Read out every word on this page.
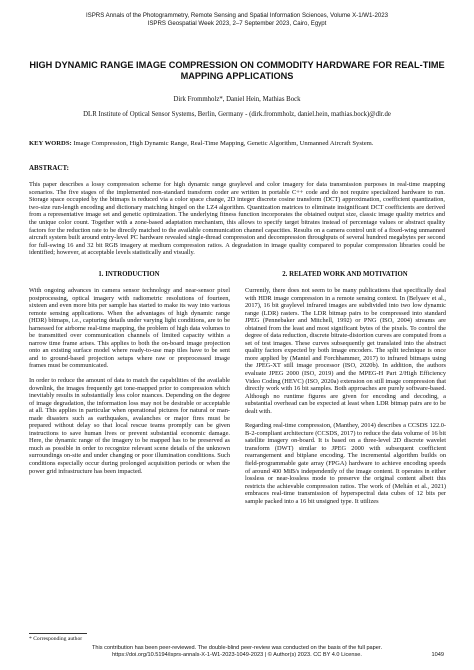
ISPRS Annals of the Photogrammetry, Remote Sensing and Spatial Information Sciences, Volume X-1/W1-2023
ISPRS Geospatial Week 2023, 2–7 September 2023, Cairo, Egypt
HIGH DYNAMIC RANGE IMAGE COMPRESSION ON COMMODITY HARDWARE FOR REAL-TIME MAPPING APPLICATIONS
Dirk Frommholz*, Daniel Hein, Mathias Bock
DLR Institute of Optical Sensor Systems, Berlin, Germany - (dirk.frommholz, daniel.hein, mathias.bock)@dlr.de
KEY WORDS: Image Compression, High Dynamic Range, Real-Time Mapping, Genetic Algorithm, Unmanned Aircraft System.
ABSTRACT:
This paper describes a lossy compression scheme for high dynamic range graylevel and color imagery for data transmission purposes in real-time mapping scenarios. The five stages of the implemented non-standard transform coder are written in portable C++ code and do not require specialized hardware to run. Storage space occupied by the bitmaps is reduced via a color space change, 2D integer discrete cosine transform (DCT) approximation, coefficient quantization, two-size run-length encoding and dictionary matching hinged on the LZ4 algorithm. Quantization matrices to eliminate insignificant DCT coefficients are derived from a representative image set and genetic optimization. The underlying fitness function incorporates the obtained output size, classic image quality metrics and the unique color count. Together with a zone-based adaptation mechanism, this allows to specify target bitrates instead of percentage values or abstract quality factors for the reduction rate to be directly matched to the available communication channel capacities. Results on a camera control unit of a fixed-wing unmanned aircraft system built around entry-level PC hardware revealed single-thread compression and decompression throughputs of several hundred megabytes per second for full-swing 16 and 32 bit RGB imagery at medium compression ratios. A degradation in image quality compared to popular compression libraries could be identified; however, at acceptable levels statistically and visually.
1. INTRODUCTION	2. RELATED WORK AND MOTIVATION

With ongoing advances in camera sensor technology and near-sensor pixel postprocessing, optical imagery with radiometric resolutions of fourteen, sixteen and even more bits per sample has started to make its way into various remote sensing applications. When the advantages of high dynamic range (HDR) bitmaps, i.e., capturing details under varying light conditions, are to be harnessed for airborne real-time mapping, the problem of high data volumes to be transmitted over communication channels of limited capacity within a narrow time frame arises. This applies to both the on-board image projection onto an existing surface model where ready-to-use map tiles have to be sent and to ground-based projection setups where raw or preprocessed image frames must be communicated.

In order to reduce the amount of data to match the capabilities of the available downlink, the images frequently get tone-mapped prior to compression which inevitably results in substantially less color nuances. Depending on the degree of image degradation, the information loss may not be desirable or acceptable at all. This applies in particular when operational pictures for natural or man-made disasters such as earthquakes, avalanches or major fires must be prepared without delay so that local rescue teams promptly can be given instructions to save human lives or prevent substantial economic damage. Here, the dynamic range of the imagery to be mapped has to be preserved as much as possible in order to recognize relevant scene details of the unknown surroundings on-site and under changing or poor illumination conditions. Such conditions especially occur during prolonged acquisition periods or when the power grid infrastructure has been impacted.

Currently, there does not seem to be many publications that specifically deal with HDR image compression in a remote sensing context. In (Belyaev et al., 2017), 16 bit graylevel infrared images are subdivided into two low dynamic range (LDR) rasters. The LDR bitmap pairs to be compressed into standard JPEG (Pennebaker and Mitchell, 1992) or PNG (ISO, 2004) streams are obtained from the least and most significant bytes of the pixels. To control the degree of data reduction, discrete bitrate-distortion curves are computed from a set of test images. These curves subsequently get translated into the abstract quality factors expected by both image encoders. The split technique is once more applied by (Mantel and Forchhammer, 2017) to infrared bitmaps using the JPEG-XT still image processor (ISO, 2020b). In addition, the authors evaluate JPEG 2000 (ISO, 2019) and the MPEG-H Part 2/High Efficiency Video Coding (HEVC) (ISO, 2020a) extension on still image compression that directly work with 16 bit samples. Both approaches are purely software-based. Although no runtime figures are given for encoding and decoding, a substantial overhead can be expected at least when LDR bitmap pairs are to be dealt with.

Regarding real-time compression, (Manthey, 2014) describes a CCSDS 122.0-B-2-compliant architecture (CCSDS, 2017) to reduce the data volume of 16 bit satellite imagery on-board. It is based on a three-level 2D discrete wavelet transform (DWT) similar to JPEG 2000 with subsequent coefficient rearrangement and bitplane encoding. The incremental algorithm builds on field-programmable gate array (FPGA) hardware to achieve encoding speeds of around 400 MiB/s independently of the image content. It operates in either lossless or near-lossless mode to preserve the original content albeit this restricts the achievable compression ratios. The work of (Melián et al., 2021) embraces real-time transmission of hyperspectral data cubes of 12 bits per sample packed into a 16 bit unsigned type. It utilizes

* Corresponding author
This contribution has been peer-reviewed. The double-blind peer-review was conducted on the basis of the full paper.
https://doi.org/10.5194/isprs-annals-X-1-W1-2023-1049-2023 | © Author(s) 2023. CC BY 4.0 License.	1049
